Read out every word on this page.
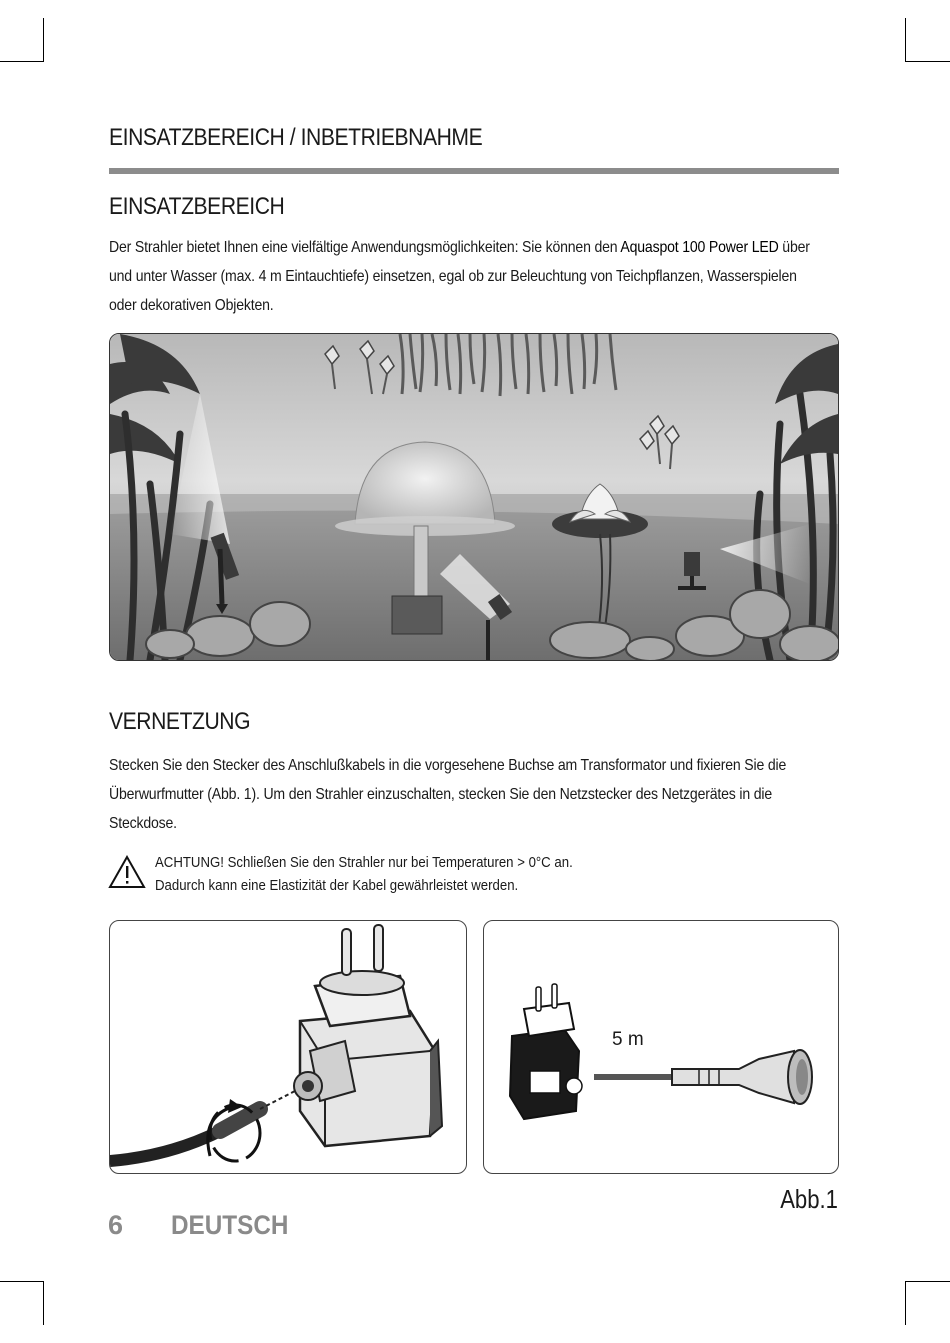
EINSATZBEREICH / INBETRIEBNAHME
EINSATZBEREICH

Der Strahler bietet Ihnen eine vielfältige Anwendungsmöglichkeiten: Sie können den Aquaspot 100 Power LED über und unter Wasser (max. 4 m Eintauchtiefe) einsetzen, egal ob zur Beleuchtung von Teichpflanzen, Wasserspielen oder dekorativen Objekten.

VERNETZUNG

Stecken Sie den Stecker des Anschlußkabels in die vorgesehene Buchse am Transformator und fixieren Sie die Überwurfmutter (Abb. 1). Um den Strahler einzuschalten, stecken Sie den Netzstecker des Netzgerätes in die Steckdose.

ACHTUNG! Schließen Sie den Strahler nur bei Temperaturen > 0°C an.
Dadurch kann eine Elastizität der Kabel gewährleistet werden.

5 m

Abb.1

6 DEUTSCH
